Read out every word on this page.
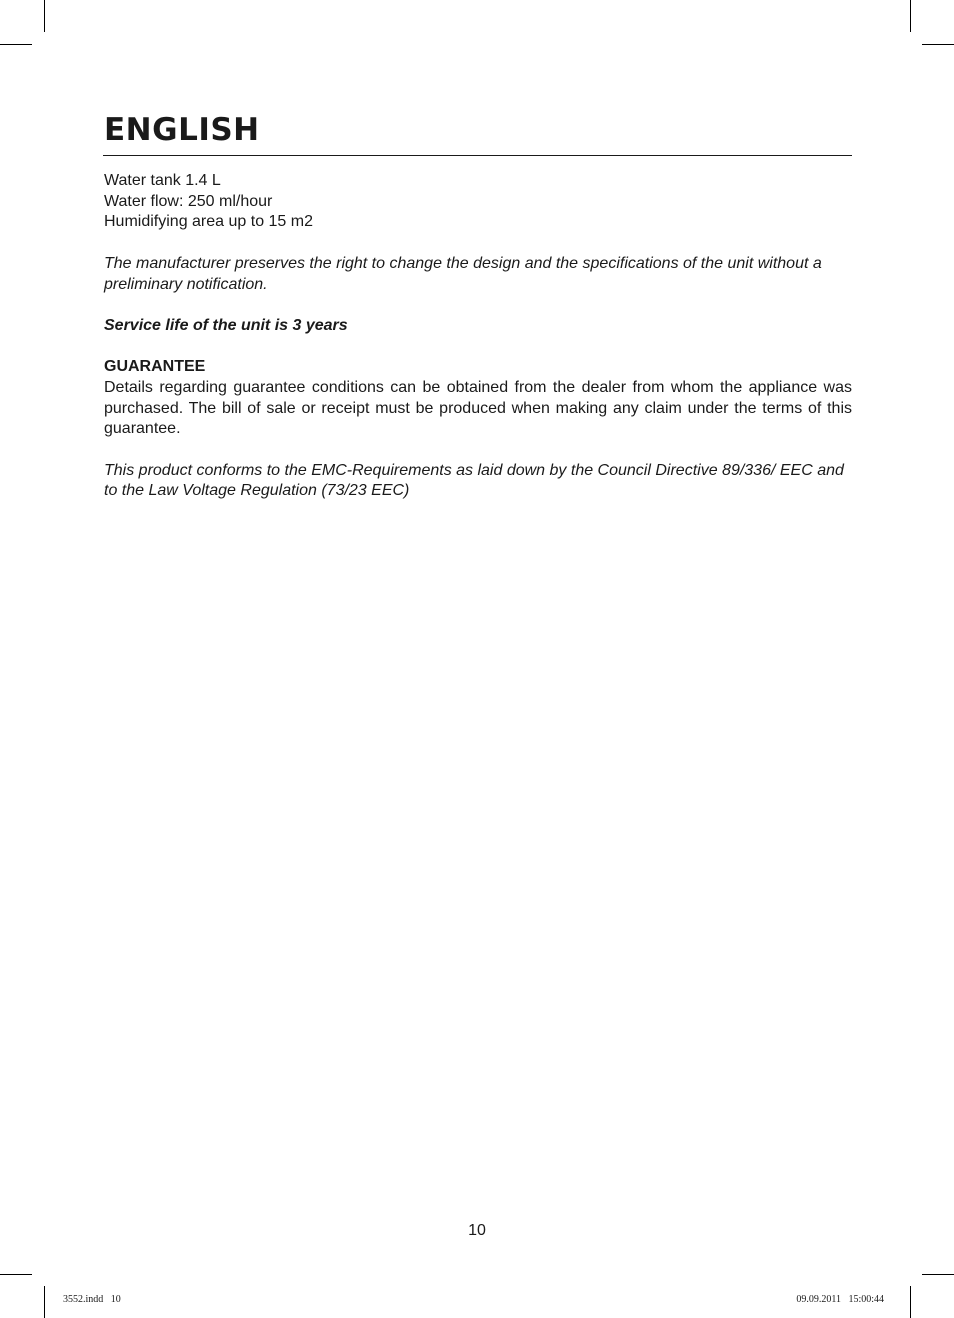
ENGLISH

Water tank 1.4 L

Water flow: 250 ml/hour

Humidifying area up to 15 m2

The manufacturer preserves the right to change the design and the specifications of the unit without a preliminary notification.

Service life of the unit is 3 years

GUARANTEE

Details regarding guarantee conditions can be obtained from the dealer from whom the appliance was purchased. The bill of sale or receipt must be produced when making any claim under the terms of this guarantee.

This product conforms to the EMC-Requirements as laid down by the Council Directive 89/336/ EEC and to the Law Voltage Regulation (73/23 EEC)

10
3552.indd   10	09.09.2011   15:00:44
